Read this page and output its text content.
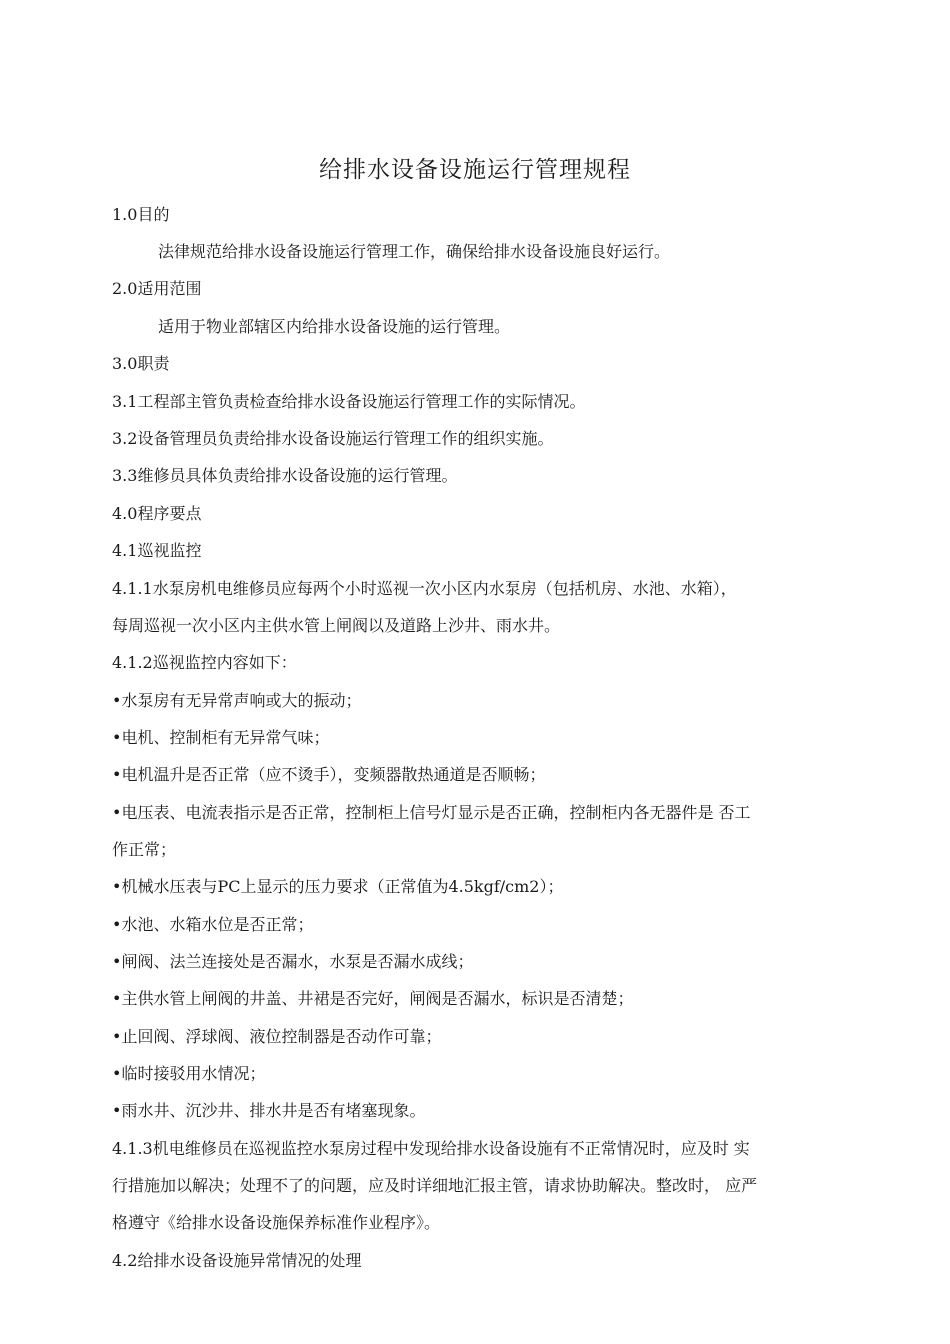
给排水设备设施运行管理规程

1.0目的

法律规范给排水设备设施运行管理工作，确保给排水设备设施良好运行。

2.0适用范围

适用于物业部辖区内给排水设备设施的运行管理。

3.0职责

3.1工程部主管负责检查给排水设备设施运行管理工作的实际情况。

3.2设备管理员负责给排水设备设施运行管理工作的组织实施。

3.3维修员具体负责给排水设备设施的运行管理。

4.0程序要点

4.1巡视监控

4.1.1水泵房机电维修员应每两个小时巡视一次小区内水泵房（包括机房、水池、水箱），

每周巡视一次小区内主供水管上闸阀以及道路上沙井、雨水井。

4.1.2巡视监控内容如下：

•水泵房有无异常声响或大的振动；

•电机、控制柜有无异常气味；

•电机温升是否正常（应不烫手），变频器散热通道是否顺畅；

•电压表、电流表指示是否正常，控制柜上信号灯显示是否正确，控制柜内各无器件是 否工

作正常；

•机械水压表与PC上显示的压力要求（正常值为4.5kgf/cm2）；

•水池、水箱水位是否正常；

•闸阀、法兰连接处是否漏水，水泵是否漏水成线；

•主供水管上闸阀的井盖、井裙是否完好，闸阀是否漏水，标识是否清楚；

•止回阀、浮球阀、液位控制器是否动作可靠；

•临时接驳用水情况；

•雨水井、沉沙井、排水井是否有堵塞现象。

4.1.3机电维修员在巡视监控水泵房过程中发现给排水设备设施有不正常情况时，应及时 实

行措施加以解决；处理不了的问题，应及时详细地汇报主管，请求协助解决。整改时， 应严

格遵守《给排水设备设施保养标准作业程序》。

4.2给排水设备设施异常情况的处理
